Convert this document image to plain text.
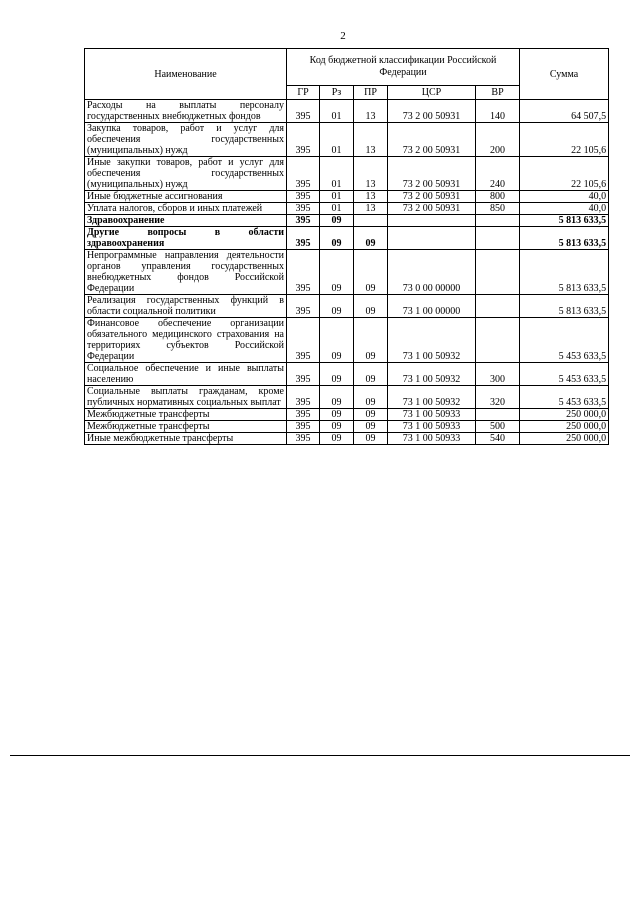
2
Наименование	Код бюджетной классификации Российской Федерации					Сумма
	ГР	Рз	ПР	ЦСР	ВР	
Расходы на выплаты персоналу государственных внебюджетных фондов	395	01	13	73 2 00 50931	140	64 507,5
Закупка товаров, работ и услуг для обеспечения государственных (муниципальных) нужд	395	01	13	73 2 00 50931	200	22 105,6
Иные закупки товаров, работ и услуг для обеспечения государственных (муниципальных) нужд	395	01	13	73 2 00 50931	240	22 105,6
Иные бюджетные ассигнования	395	01	13	73 2 00 50931	800	40,0
Уплата налогов, сборов и иных платежей	395	01	13	73 2 00 50931	850	40,0
Здравоохранение	395	09				5 813 633,5
Другие вопросы в области здравоохранения	395	09	09			5 813 633,5
Непрограммные направления деятельности органов управления государственных внебюджетных фондов Российской Федерации	395	09	09	73 0 00 00000		5 813 633,5
Реализация государственных функций в области социальной политики	395	09	09	73 1 00 00000		5 813 633,5
Финансовое обеспечение организации обязательного медицинского страхования на территориях субъектов Российской Федерации	395	09	09	73 1 00 50932		5 453 633,5
Социальное обеспечение и иные выплаты населению	395	09	09	73 1 00 50932	300	5 453 633,5
Социальные выплаты гражданам, кроме публичных нормативных социальных выплат	395	09	09	73 1 00 50932	320	5 453 633,5
Межбюджетные трансферты	395	09	09	73 1 00 50933		250 000,0
Межбюджетные трансферты	395	09	09	73 1 00 50933	500	250 000,0
Иные межбюджетные трансферты	395	09	09	73 1 00 50933	540	250 000,0
